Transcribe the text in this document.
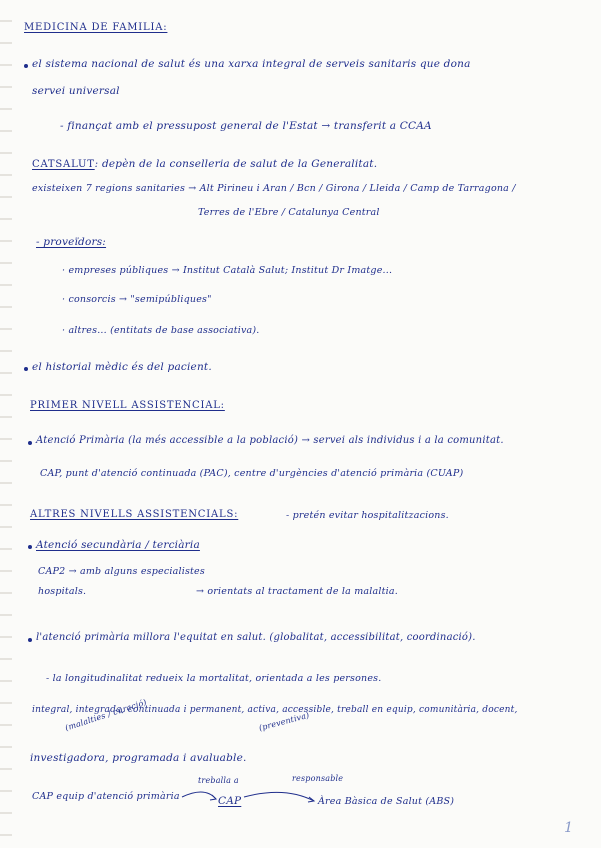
MEDICINA DE FAMILIA:
el sistema nacional de salut és una xarxa integral de serveis sanitaris que dona
servei universal
- finançat amb el pressupost general de l'Estat → transferit a CCAA
CATSALUT: depèn de la conselleria de salut de la Generalitat.
existeixen 7 regions sanitaries → Alt Pirineu i Aran / Bcn / Girona / Lleida / Camp de Tarragona /
Terres de l'Ebre / Catalunya Central
- proveïdors:
· empreses públiques → Institut Català Salut; Institut Dr Imatge...
· consorcis → "semipúbliques"
· altres... (entitats de base associativa).
el historial mèdic és del pacient.
PRIMER NIVELL ASSISTENCIAL:
Atenció Primària (la més accessible a la població) → servei als individus i a la comunitat.
CAP, punt d'atenció continuada (PAC), centre d'urgències d'atenció primària (CUAP)
ALTRES NIVELLS ASSISTENCIALS:	- pretén evitar hospitalitzacions.
Atenció secundària / terciària
CAP2 → amb alguns especialistes
hospitals.	→ orientats al tractament de la malaltia.
l'atenció primària millora l'equitat en salut. (globalitat, accessibilitat, coordinació).
- la longitudinalitat redueix la mortalitat, orientada a les persones.
integral, integrada, continuada i permanent, activa, accessible, treball en equip, comunitària, docent,
(malalties / curació)	(preventiva)
investigadora, programada i avaluable.
CAP equip d'atenció primària
treballa a
CAP
responsable
Àrea Bàsica de Salut (ABS)
1
